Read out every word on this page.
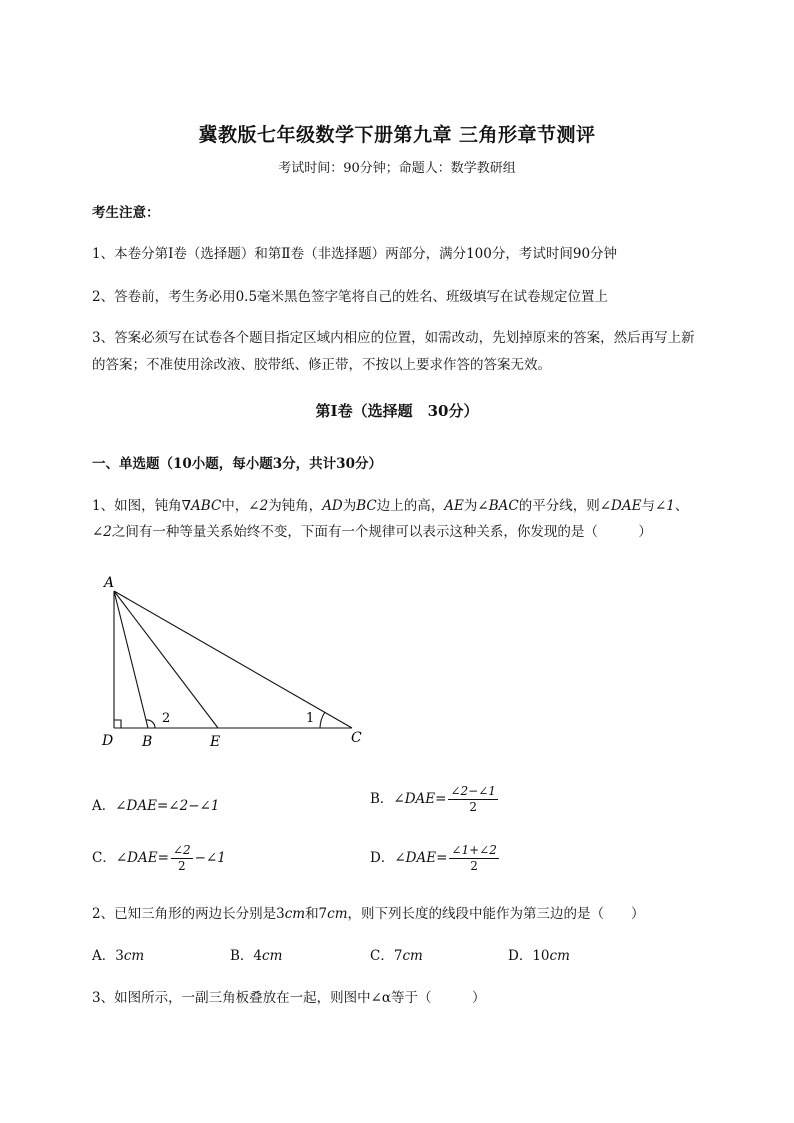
冀教版七年级数学下册第九章 三角形章节测评
考试时间：90分钟；命题人：数学教研组
考生注意：
1、本卷分第I卷（选择题）和第Ⅱ卷（非选择题）两部分，满分100分，考试时间90分钟
2、答卷前，考生务必用0.5毫米黑色签字笔将自己的姓名、班级填写在试卷规定位置上
3、答案必须写在试卷各个题目指定区域内相应的位置，如需改动，先划掉原来的答案，然后再写上新
的答案；不准使用涂改液、胶带纸、修正带，不按以上要求作答的答案无效。
第I卷（选择题　30分）
一、单选题（10小题，每小题3分，共计30分）
1、如图，钝角∇ABC中，∠2为钝角，AD为BC边上的高，AE为∠BAC的平分线，则∠DAE与∠1、
∠2之间有一种等量关系始终不变，下面有一个规律可以表示这种关系，你发现的是（　　　）
A
D B	E	C
1
2
A．∠DAE=∠2−∠1	B．∠DAE= $\frac{\angle 2-\angle 1}{2}$
C．∠DAE= $\frac{\angle 2}{2}$ −∠1	D．∠DAE= $\frac{\angle 1+\angle 2}{2}$
2、已知三角形的两边长分别是3cm和7cm，则下列长度的线段中能作为第三边的是（　　）
A．3cm	B．4cm	C．7cm	D．10cm
3、如图所示，一副三角板叠放在一起，则图中∠α等于（　　　）
